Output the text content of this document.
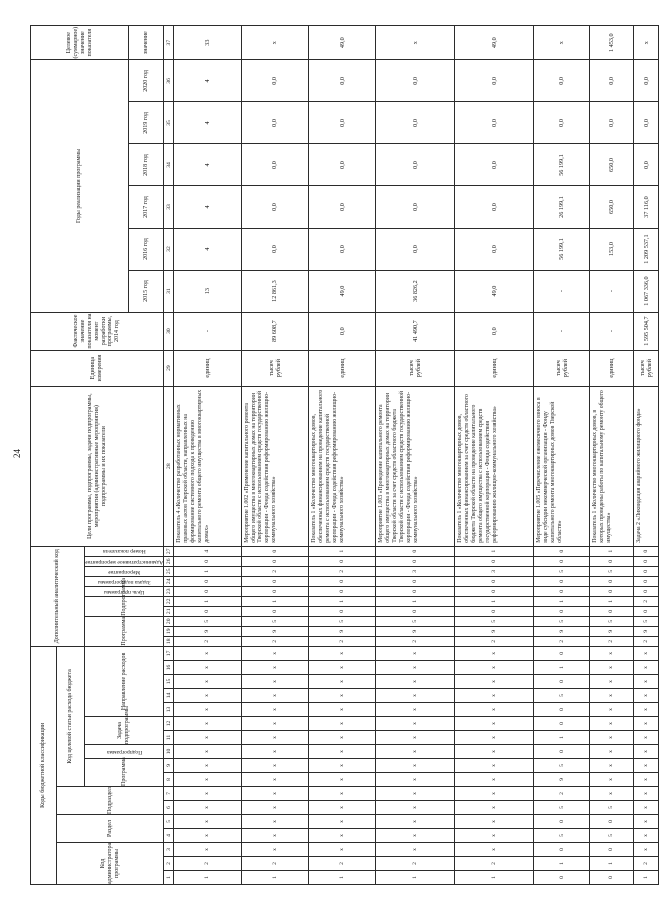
24
Коды бюджетной классификации																	Дополнительный аналитический код										Цели программы, подпрограммы, задачи подпрограммы, мероприятия (административные мероприятия) подпрограммы и их показатели	Единица измерения	Фактическое значение показателя на момент разработки программы, 2014 год	Годы реализации программы						Целевое (суммарное) значение показателя
Код администратора программы			Раздел		Подраздел		Код целевой статьи расхода бюджета																													
							Программа		Подпрограмма	Задача подпрограммы		Направление расходов					Программа			Подпрограмма		Цель программы	Задача подпрограммы	Мероприятие	Административное мероприятие	Номер показателя										

																														2015 год	2016 год	2017 год	2018 год	2019 год	2020 год	значение
1	2	3	4	5	6	7	8	9	10	11	12	13	14	15	16	17	18	19	20	21	22	23	24	25	26	27	28	29	30	31	32	33	34	35	36	37
1	2	х	х	х	х	х	х	х	х	х	х	х	х	х	х	х	2	9	5	0	1	0	0	1	0	4	Показатель 4 «Количество разработанных нормативных правовых актов Тверской области, направленных на формирование системного подхода к проведению капитального ремонта общего имущества в многоквартирных домах»	единиц	-	13	4	4	4	4	4	33
1	2	х	х	х	х	х	х	х	х	х	х	х	х	х	х	х	2	9	5	0	1	0	0	2	0	0	Мероприятие 1.002 «Применение капитального ремонта общего имущества в многоквартирных домах на территории Тверской области с использованием средств государственной корпорации - Фонда содействия реформированию жилищно-коммунального хозяйства»	тысяч рублей	89 608,7	12 861,3	0,0	0,0	0,0	0,0	0,0	х
1	2	х	х	х	х	х	х	х	х	х	х	х	х	х	х	х	2	9	5	0	1	0	0	2	0	1	Показатель 1 «Количество многоквартирных домов, обеспеченных финансированием на проведение капитального ремонта с использованием средств государственной корпорации - Фонда содействия реформированию жилищно-коммунального хозяйства»	единиц	0,0	49,0	0,0	0,0	0,0	0,0	0,0	49,0
1	2	х	х	х	х	х	х	х	х	х	х	х	х	х	х	х	2	9	5	0	1	0	0	3	0	0	Мероприятие 1.003 «Проведение капитального ремонта общего имущества в многоквартирных домах на территории Тверской области за счет средств областного бюджета Тверской области с использованием средств государственной корпорации - Фонда содействия реформированию жилищно-коммунального хозяйства»	тысяч рублей	41 490,7	36 826,2	0,0	0,0	0,0	0,0	0,0	х
1	2	х	х	х	х	х	х	х	х	х	х	х	х	х	х	х	2	9	5	0	1	0	0	3	0	1	Показатель 1 «Количество многоквартирных домов, обеспеченных финансированием за счет средств областного бюджета Тверской области на проведение капитального ремонта общего имущества с использованием средств государственной корпорации - Фонда содействия реформированию жилищно-коммунального хозяйства»	единиц	0,0	49,0	0,0	0,0	0,0	0,0	0,0	49,0
0	1	0	5	0	5	2	9	5	0	1	0	0	5	0	1	0	2	9	5	0	1	0	0	5	0	0	Мероприятие 1.005 «Перечисление ежемесячного взноса в виде субсидии некоммерческой организации - Фонду капитального ремонта многоквартирных домов Тверской области»	тысяч рублей	-	-	56 199,1	26 199,1	56 199,1	0,0	0,0	х
0	1	0	5	0	5	х	х	х	х	х	х	х	х	х	х	х	2	9	5	0	1	0	0	5	0	1	Показатель 1 «Количество многоквартирных домов, в которых проведены работы по капитальному ремонту общего имущества»	единиц	-	-	153,0	650,0	650,0	0,0	0,0	1 453,0
1	2	х	х	х	х	х	х	х	х	х	х	х	х	х	х	х	2	9	5	0	2	0	0	0	0	0	Задача 2 «Ликвидация аварийного жилищного фонда»	тысяч рублей	1 595 504,7	1 067 336,0	1 209 537,1	37 116,0	0,0	0,0	0,0	х
